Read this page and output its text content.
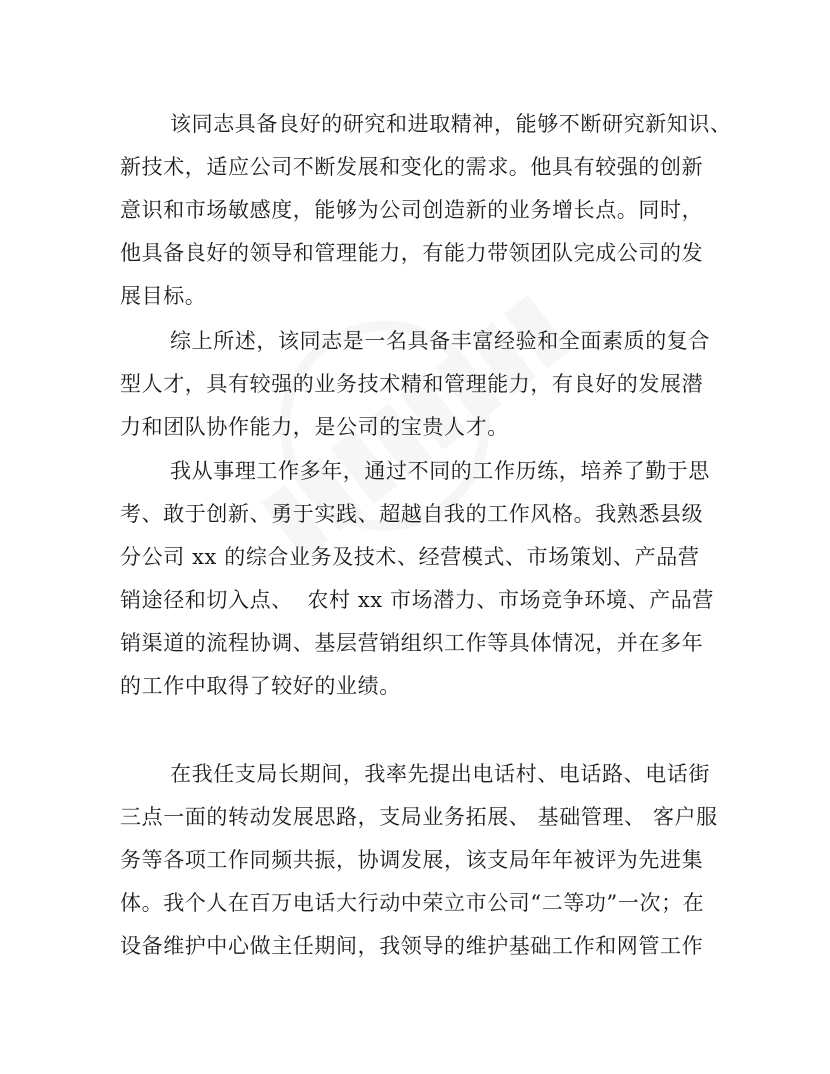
该同志具备良好的研究和进取精神，能够不断研究新知识、
新技术，适应公司不断发展和变化的需求。他具有较强的创新
意识和市场敏感度，能够为公司创造新的业务增长点。同时，
他具备良好的领导和管理能力，有能力带领团队完成公司的发
展目标。
综上所述，该同志是一名具备丰富经验和全面素质的复合
型人才，具有较强的业务技术精和管理能力，有良好的发展潜
力和团队协作能力，是公司的宝贵人才。
我从事理工作多年，通过不同的工作历练，培养了勤于思
考、敢于创新、勇于实践、超越自我的工作风格。我熟悉县级
分公司 xx 的综合业务及技术、经营模式、市场策划、产品营
销途径和切入点、  农村 xx 市场潜力、市场竞争环境、产品营
销渠道的流程协调、基层营销组织工作等具体情况，并在多年
的工作中取得了较好的业绩。
在我任支局长期间，我率先提出电话村、电话路、电话街
三点一面的转动发展思路，支局业务拓展、 基础管理、 客户服
务等各项工作同频共振，协调发展，该支局年年被评为先进集
体。我个人在百万电话大行动中荣立市公司“二等功”一次；在
设备维护中心做主任期间，我领导的维护基础工作和网管工作
